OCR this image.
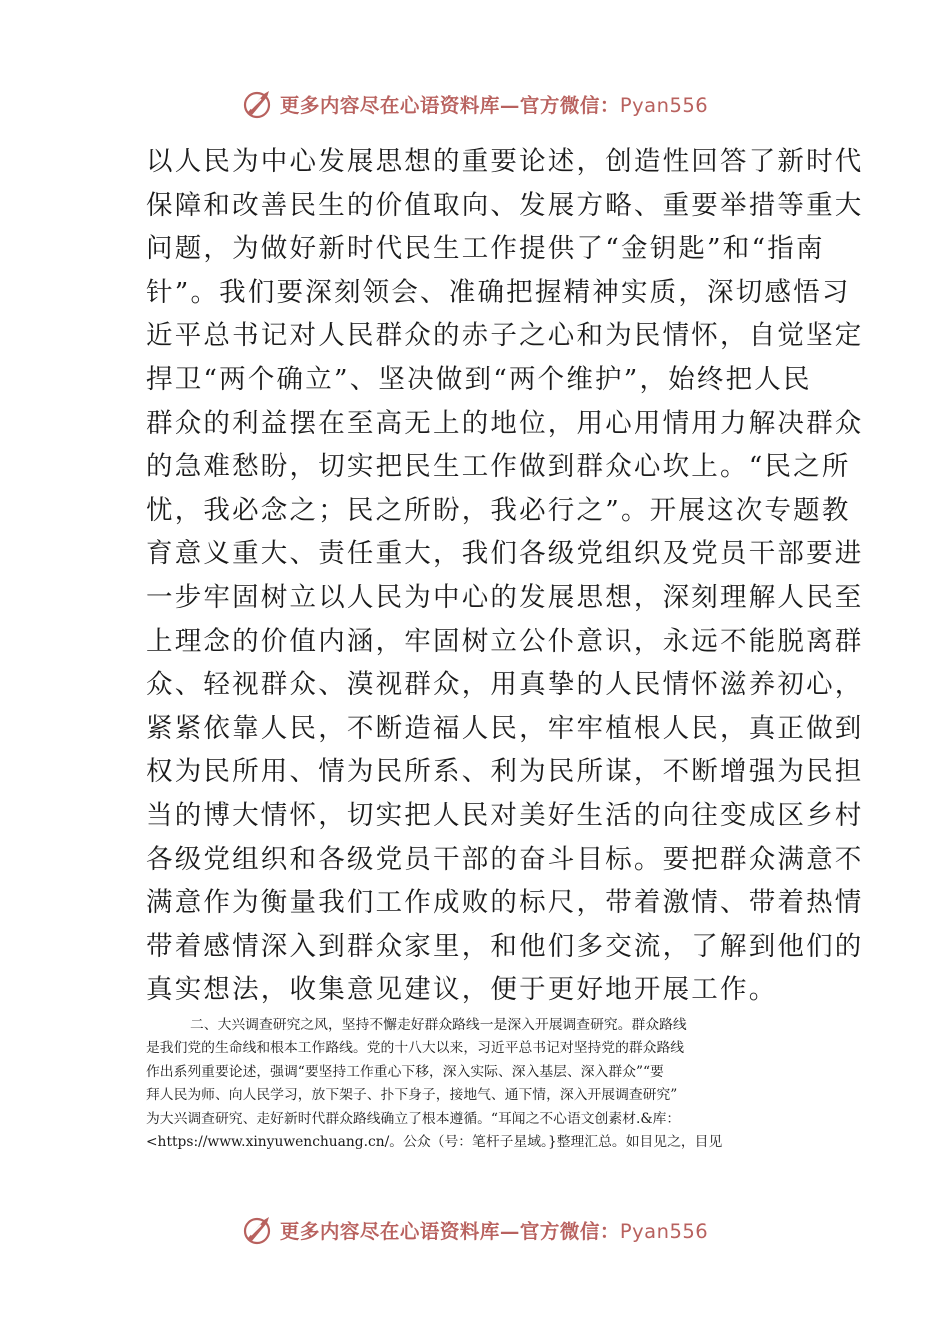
更多内容尽在心语资料库—官方微信：Pyan556
以人民为中心发展思想的重要论述，创造性回答了新时代
保障和改善民生的价值取向、发展方略、重要举措等重大
问题，为做好新时代民生工作提供了“金钥匙”和“指南
针”。我们要深刻领会、准确把握精神实质，深切感悟习
近平总书记对人民群众的赤子之心和为民情怀，自觉坚定
捍卫“两个确立”、坚决做到“两个维护”，始终把人民
群众的利益摆在至高无上的地位，用心用情用力解决群众
的急难愁盼，切实把民生工作做到群众心坎上。“民之所
忧，我必念之；民之所盼，我必行之”。开展这次专题教
育意义重大、责任重大，我们各级党组织及党员干部要进
一步牢固树立以人民为中心的发展思想，深刻理解人民至
上理念的价值内涵，牢固树立公仆意识，永远不能脱离群
众、轻视群众、漠视群众，用真挚的人民情怀滋养初心，
紧紧依靠人民，不断造福人民，牢牢植根人民，真正做到
权为民所用、情为民所系、利为民所谋，不断增强为民担
当的博大情怀，切实把人民对美好生活的向往变成区乡村
各级党组织和各级党员干部的奋斗目标。要把群众满意不
满意作为衡量我们工作成败的标尺，带着激情、带着热情
带着感情深入到群众家里，和他们多交流，了解到他们的
真实想法，收集意见建议，便于更好地开展工作。
二、大兴调查研究之风，坚持不懈走好群众路线一是深入开展调查研究。群众路线
是我们党的生命线和根本工作路线。党的十八大以来，习近平总书记对坚持党的群众路线
作出系列重要论述，强调“要坚持工作重心下移，深入实际、深入基层、深入群众”“要
拜人民为师、向人民学习，放下架子、扑下身子，接地气、通下情，深入开展调查研究”
为大兴调查研究、走好新时代群众路线确立了根本遵循。“耳闻之不心语文创素材.&库：
<https://www.xinyuwenchuang.cn/。公众（号：笔杆子星域。}整理汇总。如目见之，目见
更多内容尽在心语资料库—官方微信：Pyan556
